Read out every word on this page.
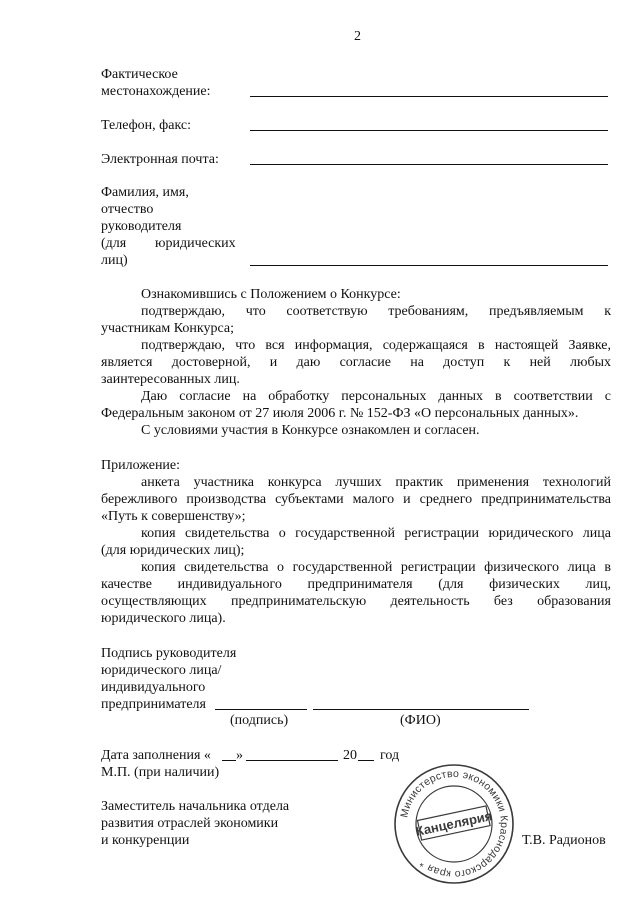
2
Фактическое
местонахождение:
Телефон, факс:
Электронная почта:
Фамилия, имя,
отчество
руководителя
(для юридических
лиц)
Ознакомившись с Положением о Конкурсе:
подтверждаю, что соответствую требованиям, предъявляемым к
участникам Конкурса;
подтверждаю, что вся информация, содержащаяся в настоящей Заявке,
является достоверной, и даю согласие на доступ к ней любых
заинтересованных лиц.
Даю согласие на обработку персональных данных в соответствии с
Федеральным законом от 27 июля 2006 г. № 152-ФЗ «О персональных данных».
С условиями участия в Конкурсе ознакомлен и согласен.
Приложение:
анкета участника конкурса лучших практик применения технологий
бережливого производства субъектами малого и среднего предпринимательства
«Путь к совершенству»;
копия свидетельства о государственной регистрации юридического лица
(для юридических лиц);
копия свидетельства о государственной регистрации физического лица в
качестве индивидуального предпринимателя (для физических лиц,
осуществляющих предпринимательскую деятельность без образования
юридического лица).
Подпись руководителя
юридического лица/
индивидуального
предпринимателя
(подпись)	(ФИО)
Дата заполнения « »	20 год
М.П. (при наличии)
Заместитель начальника отдела
развития отраслей экономики
и конкуренции	Т.В. Радионов
Министерство экономики Краснодарского края *
Канцелярия
